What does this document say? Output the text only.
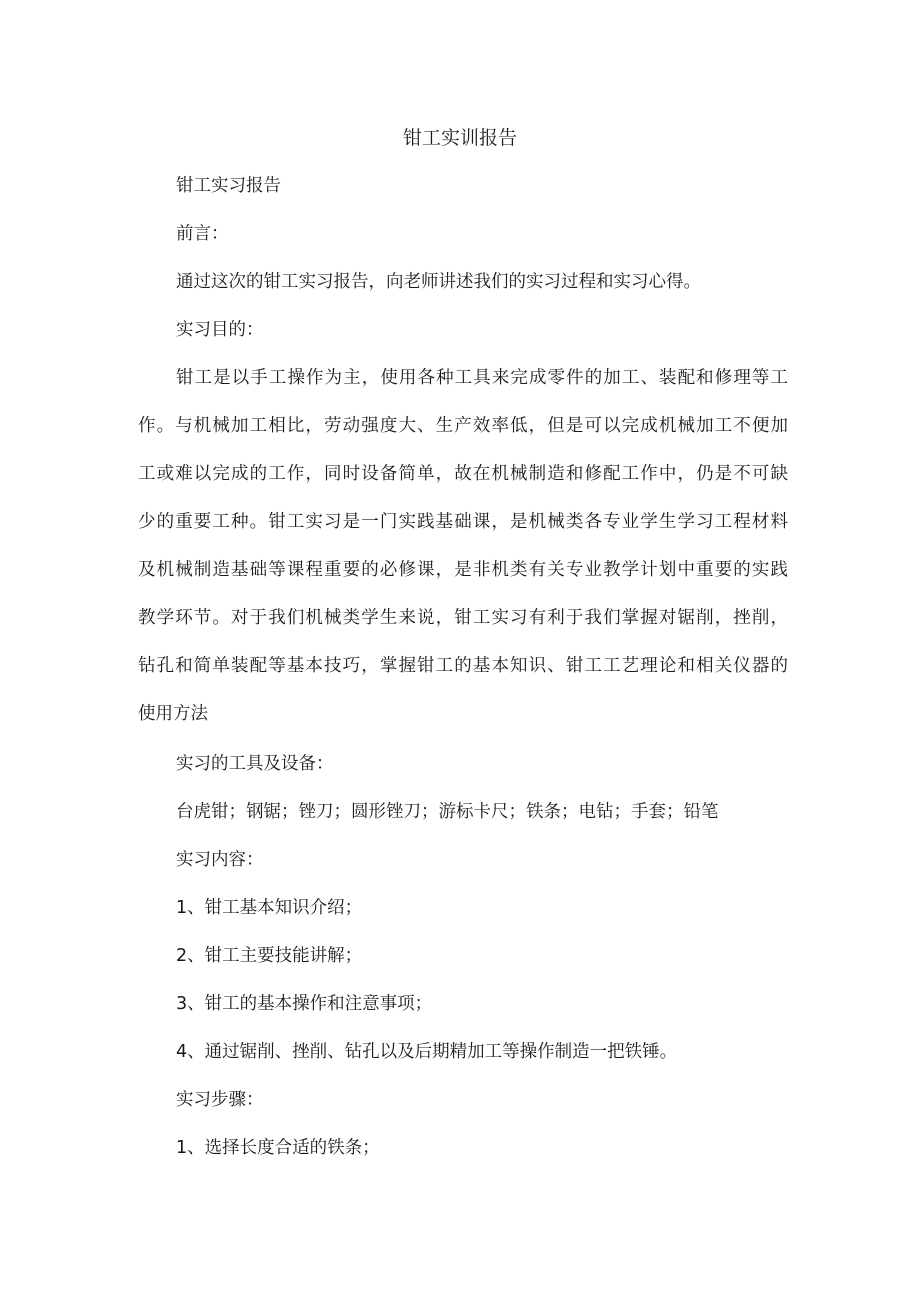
钳工实训报告
钳工实习报告
前言：
通过这次的钳工实习报告，向老师讲述我们的实习过程和实习心得。
实习目的：
钳工是以手工操作为主，使用各种工具来完成零件的加工、装配和修理等工
作。与机械加工相比，劳动强度大、生产效率低，但是可以完成机械加工不便加
工或难以完成的工作，同时设备简单，故在机械制造和修配工作中，仍是不可缺
少的重要工种。钳工实习是一门实践基础课，是机械类各专业学生学习工程材料
及机械制造基础等课程重要的必修课，是非机类有关专业教学计划中重要的实践
教学环节。对于我们机械类学生来说，钳工实习有利于我们掌握对锯削，挫削，
钻孔和简单装配等基本技巧，掌握钳工的基本知识、钳工工艺理论和相关仪器的
使用方法
实习的工具及设备：
台虎钳；钢锯；锉刀；圆形锉刀；游标卡尺；铁条；电钻；手套；铅笔
实习内容：
1、钳工基本知识介绍；
2、钳工主要技能讲解；
3、钳工的基本操作和注意事项；
4、通过锯削、挫削、钻孔以及后期精加工等操作制造一把铁锤。
实习步骤：
1、选择长度合适的铁条；
